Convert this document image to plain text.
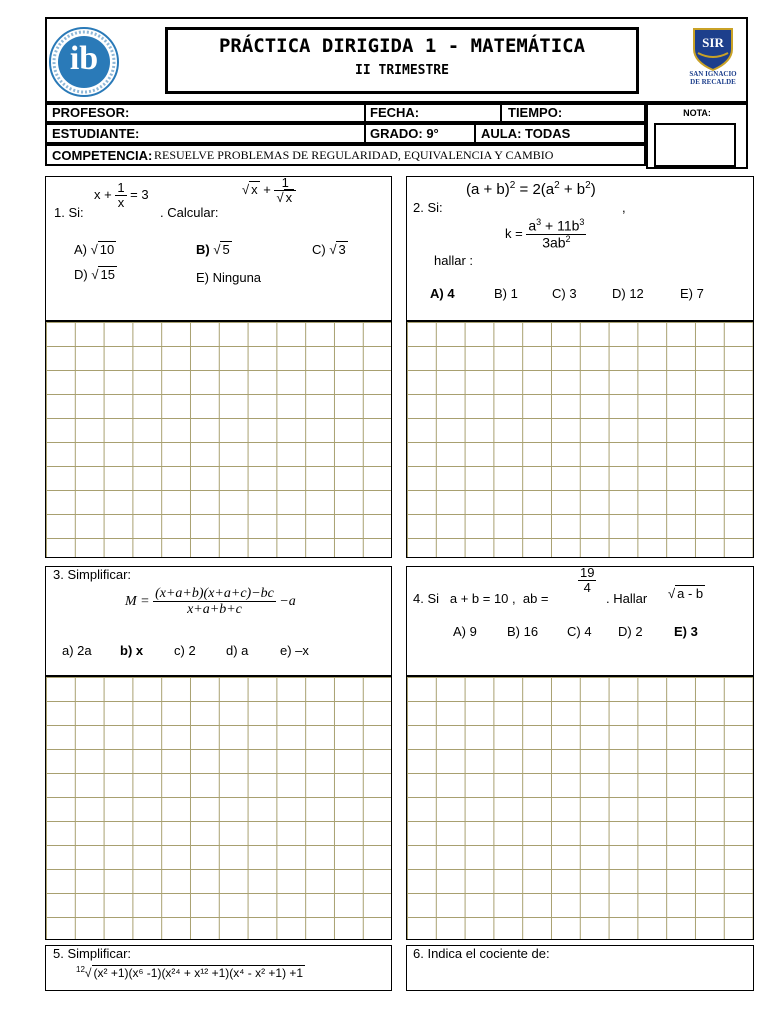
PRÁCTICA DIRIGIDA 1 - MATEMÁTICA
II TRIMESTRE
ib	SIR
SAN IGNACIO
DE RECALDE
PROFESOR:	FECHA:	TIEMPO:
ESTUDIANTE:	GRADO: 9°	AULA: TODAS
COMPETENCIA: RESUELVE PROBLEMAS DE REGULARIDAD, EQUIVALENCIA Y CAMBIO
NOTA:
1. Si:
$x + \frac{1}{x} = 3$
. Calcular:
√ $x + \frac{1}{√ x}$
A) √ 10	B) √ 5	C) √ 3
D) √ 15	E) Ninguna
2. Si:
$(a + b)^2 = 2(a^2 + b^2)$
,
$k = \frac{a^3 + 11b^3}{3ab^2}$
hallar :
A) 4	B) 1	C) 3	D) 12	E) 7
3. Simplificar:
$M = \frac{(x+a+b)(x+a+c)-bc}{x+a+b+c} -a$
a) 2a b) x c) 2 d) a e) –x
4. Si   a + b = 10 ,  ab =
$\frac{19}{4}$
. Hallar √ a - b
A) 9 B) 16 C) 4 D) 2 E) 3
5. Simplificar:
$^{12}$√ (x² +1)(x⁶ -1)(x²⁴ + x¹² +1)(x⁴ - x² +1) +1
6. Indica el cociente de:
